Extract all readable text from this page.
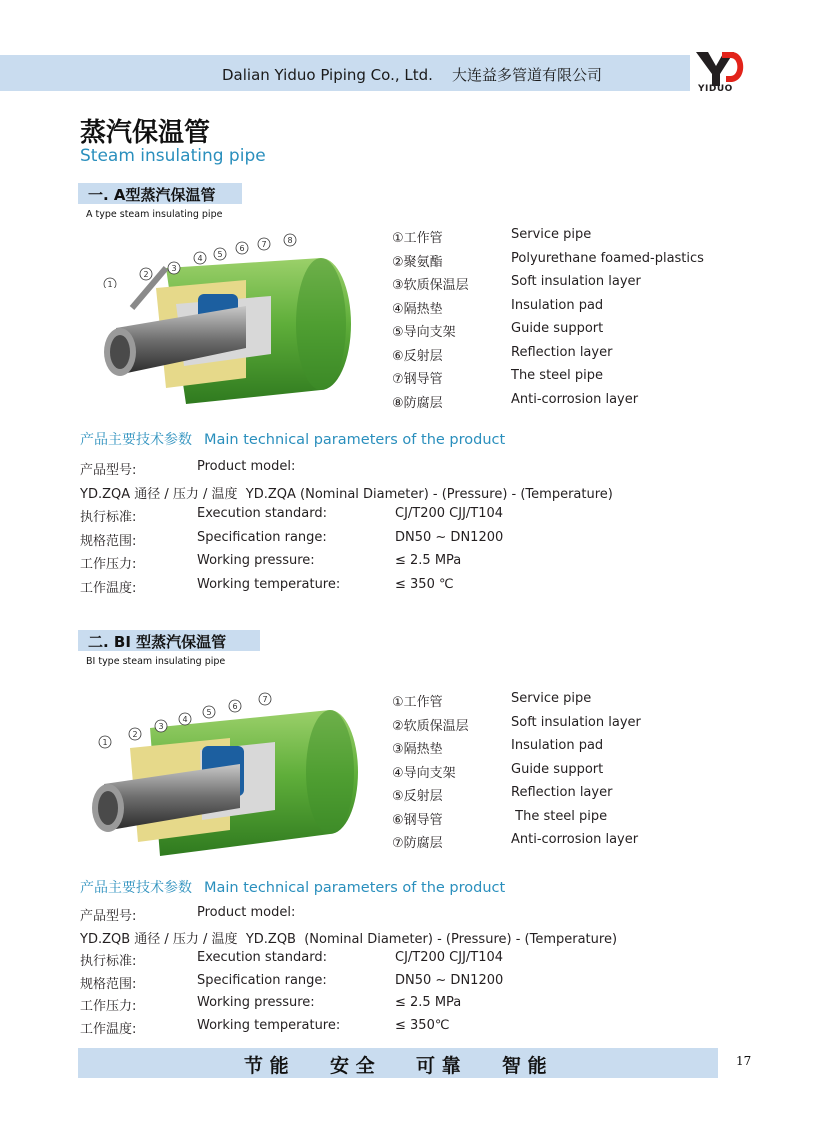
Dalian Yiduo Piping Co., Ltd.    大连益多管道有限公司
YIDUO
蒸汽保温管
Steam insulating pipe
一. A型蒸汽保温管
A type steam insulating pipe
1
2
3
4 5
6 7	8	①工作管	Service pipe
②聚氨酯	Polyurethane foamed-plastics
③软质保温层	Soft insulation layer
④隔热垫	Insulation pad
⑤导向支架	Guide support
⑥反射层	Reflection layer
⑦钢导管	The steel pipe
⑧防腐层	Anti-corrosion layer
产品主要技术参数 Main technical parameters of the product
产品型号:	Product model:
YD.ZQA 通径 / 压力 / 温度  YD.ZQA (Nominal Diameter) - (Pressure) - (Temperature)
执行标准:	Execution standard:	CJ/T200 CJJ/T104
规格范围:	Specification range:	DN50 ~ DN1200
工作压力:	Working pressure:	≤ 2.5 MPa
工作温度:	Working temperature:	≤ 350 ℃
二. BI 型蒸汽保温管
BI type steam insulating pipe
1
2
3
4
5
6
7	①工作管	Service pipe
②软质保温层	Soft insulation layer
③隔热垫	Insulation pad
④导向支架	Guide support
⑤反射层	Reflection layer
⑥钢导管	The steel pipe
⑦防腐层	Anti-corrosion layer
产品主要技术参数 Main technical parameters of the product
产品型号:	Product model:
YD.ZQB 通径 / 压力 / 温度  YD.ZQB  (Nominal Diameter) - (Pressure) - (Temperature)
执行标准:	Execution standard:	CJ/T200 CJJ/T104
规格范围:	Specification range:	DN50 ~ DN1200
工作压力:	Working pressure:	≤ 2.5 MPa
工作温度:	Working temperature:	≤ 350℃
节 能 安 全 可 靠 智 能	17
